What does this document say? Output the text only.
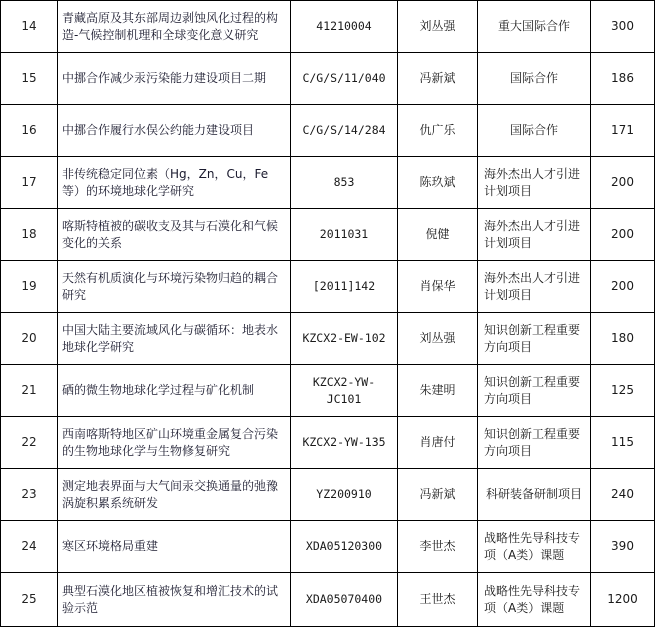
14	青藏高原及其东部周边剥蚀风化过程的构造-气候控制机理和全球变化意义研究	41210004	刘丛强	重大国际合作	300
15	中挪合作减少汞污染能力建设项目二期	C/G/S/11/040	冯新斌	国际合作	186
16	中挪合作履行水俣公约能力建设项目	C/G/S/14/284	仇广乐	国际合作	171
17	非传统稳定同位素（Hg，Zn，Cu，Fe等）的环境地球化学研究	853	陈玖斌	海外杰出人才引进计划项目	200
18	喀斯特植被的碳收支及其与石漠化和气候变化的关系	2011031	倪健	海外杰出人才引进计划项目	200
19	天然有机质演化与环境污染物归趋的耦合研究	[2011]142	肖保华	海外杰出人才引进计划项目	200
20	中国大陆主要流域风化与碳循环：地表水地球化学研究	KZCX2-EW-102	刘丛强	知识创新工程重要方向项目	180
21	硒的微生物地球化学过程与矿化机制	KZCX2-YW-JC101	朱建明	知识创新工程重要方向项目	125
22	西南喀斯特地区矿山环境重金属复合污染的生物地球化学与生物修复研究	KZCX2-YW-135	肖唐付	知识创新工程重要方向项目	115
23	测定地表界面与大气间汞交换通量的弛豫涡旋积累系统研发	YZ200910	冯新斌	科研装备研制项目	240
24	寒区环境格局重建	XDA05120300	李世杰	战略性先导科技专项（A类）课题	390
25	典型石漠化地区植被恢复和增汇技术的试验示范	XDA05070400	王世杰	战略性先导科技专项（A类）课题	1200
